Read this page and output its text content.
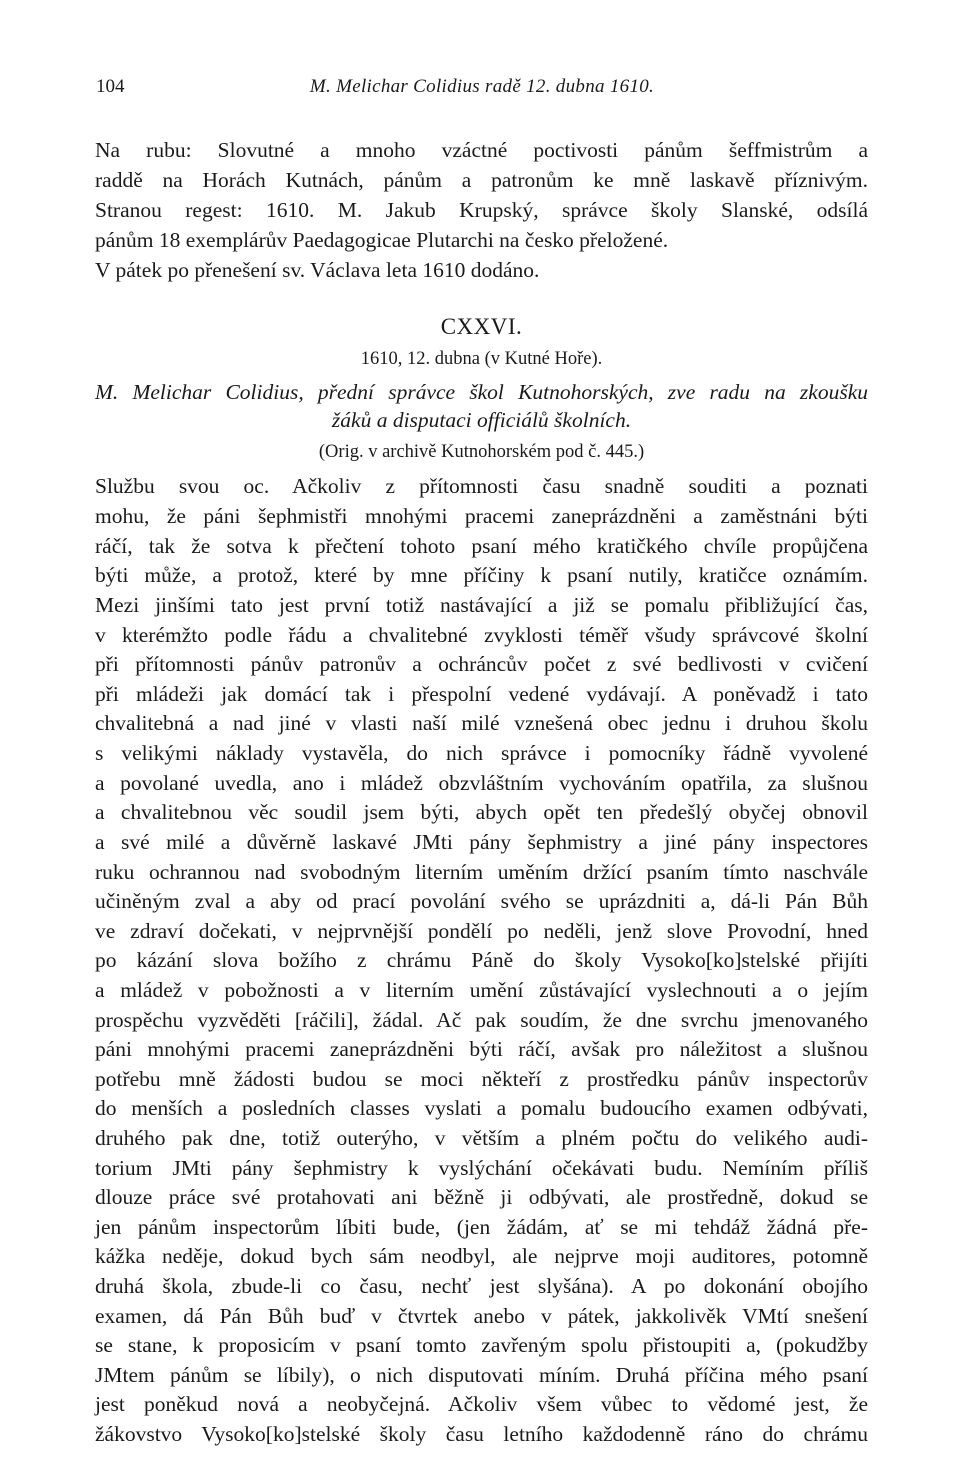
104	M. Melichar Colidius radě 12. dubna 1610.
Na rubu: Slovutné a mnoho vzáctné poctivosti pánům šeffmistrům a
raddě na Horách Kutnách, pánům a patronům ke mně laskavě příznivým.
Stranou regest: 1610. M. Jakub Krupský, správce školy Slanské, odsílá
pánům 18 exemplárův Paedagogicae Plutarchi na česko přeložené.
V pátek po přenešení sv. Václava leta 1610 dodáno.
CXXVI.
1610, 12. dubna (v Kutné Hoře).
M. Melichar Colidius, přední správce škol Kutnohorských, zve radu na zkoušku
žáků a disputaci officiálů školních.
(Orig. v archivě Kutnohorském pod č. 445.)
Službu svou oc. Ačkoliv z přítomnosti času snadně souditi a poznati
mohu, že páni šephmistři mnohými pracemi zaneprázdněni a zaměstnáni býti
ráčí, tak že sotva k přečtení tohoto psaní mého kratičkého chvíle propůjčena
býti může, a protož, které by mne příčiny k psaní nutily, kratičce oznámím.
Mezi jinšími tato jest první totiž nastávající a již se pomalu přibližující čas,
v kterémžto podle řádu a chvalitebné zvyklosti téměř všudy správcové školní
při přítomnosti pánův patronův a ochráncův počet z své bedlivosti v cvičení
při mládeži jak domácí tak i přespolní vedené vydávají. A poněvadž i tato
chvalitebná a nad jiné v vlasti naší milé vznešená obec jednu i druhou školu
s velikými náklady vystavěla, do nich správce i pomocníky řádně vyvolené
a povolané uvedla, ano i mládež obzvláštním vychováním opatřila, za slušnou
a chvalitebnou věc soudil jsem býti, abych opět ten předešlý obyčej obnovil
a své milé a důvěrně laskavé JMti pány šephmistry a jiné pány inspectores
ruku ochrannou nad svobodným literním uměním držící psaním tímto naschvále
učiněným zval a aby od prací povolání svého se uprázdniti a, dá-li Pán Bůh
ve zdraví dočekati, v nejprvnější pondělí po neděli, jenž slove Provodní, hned
po kázání slova božího z chrámu Páně do školy Vysoko[ko]stelské přijíti
a mládež v pobožnosti a v literním umění zůstávající vyslechnouti a o jejím
prospěchu vyzvěděti [ráčili], žádal. Ač pak soudím, že dne svrchu jmenovaného
páni mnohými pracemi zaneprázdněni býti ráčí, avšak pro náležitost a slušnou
potřebu mně žádosti budou se moci někteří z prostředku pánův inspectorův
do menších a posledních classes vyslati a pomalu budoucího examen odbývati,
druhého pak dne, totiž outerýho, v větším a plném počtu do velikého audi-
torium JMti pány šephmistry k vyslýchání očekávati budu. Nemíním příliš
dlouze práce své protahovati ani běžně ji odbývati, ale prostředně, dokud se
jen pánům inspectorům líbiti bude, (jen žádám, ať se mi tehdáž žádná pře-
kážka neděje, dokud bych sám neodbyl, ale nejprve moji auditores, potomně
druhá škola, zbude-li co času, nechť jest slyšána). A po dokonání obojího
examen, dá Pán Bůh buď v čtvrtek anebo v pátek, jakkolivěk VMtí snešení
se stane, k proposicím v psaní tomto zavřeným spolu přistoupiti a, (pokudžby
JMtem pánům se líbily), o nich disputovati míním. Druhá příčina mého psaní
jest poněkud nová a neobyčejná. Ačkoliv všem vůbec to vědomé jest, že
žákovstvo Vysoko[ko]stelské školy času letního každodenně ráno do chrámu
